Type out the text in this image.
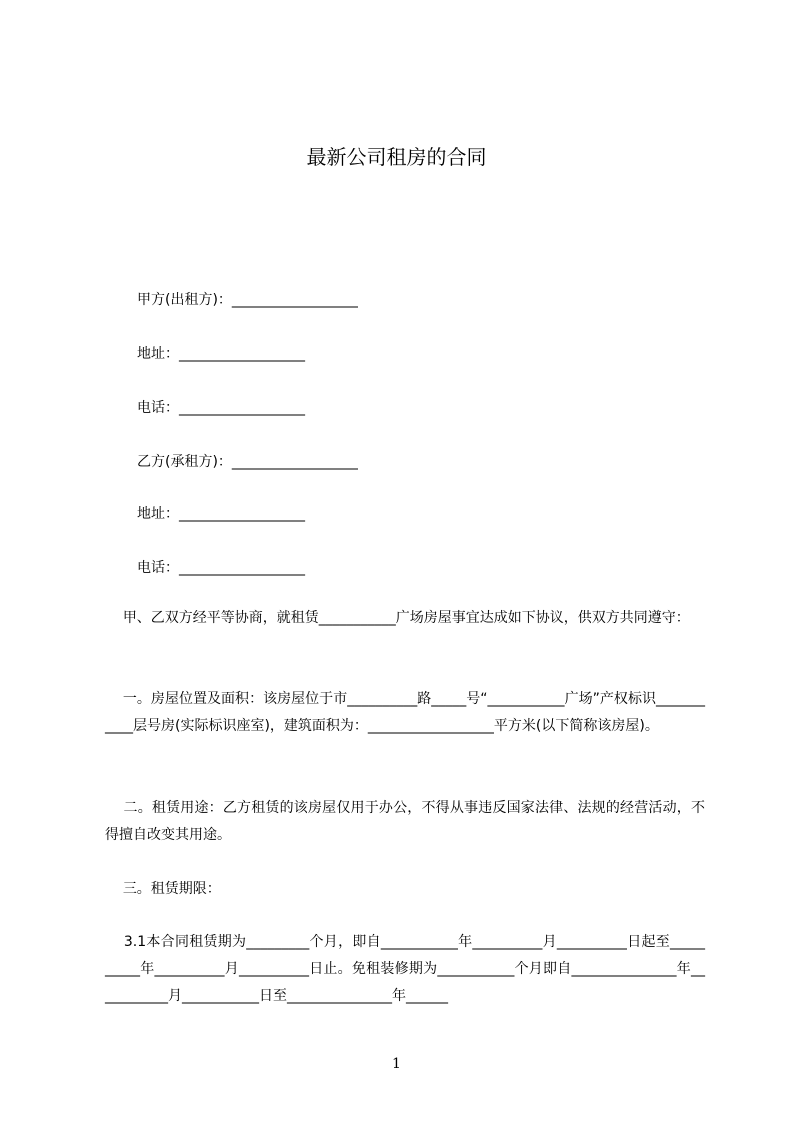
最新公司租房的合同
甲方(出租方)：__________________
地址：__________________
电话：__________________
乙方(承租方)：__________________
地址：__________________
电话：__________________
甲、乙双方经平等协商，就租赁___________广场房屋事宜达成如下协议，供双方共同遵守：
一。房屋位置及面积：该房屋位于市__________路_____号“___________广场”产权标识___________层号房(实际标识座室)，建筑面积为：__________________平方米(以下简称该房屋)。
二。租赁用途：乙方租赁的该房屋仅用于办公，不得从事违反国家法律、法规的经营活动，不得擅自改变其用途。
三。租赁期限：
3.1本合同租赁期为_________个月，即自___________年__________月__________日起至__________年__________月__________日止。免租装修期为___________个月即自_______________年___________月___________日至_______________年______
1
